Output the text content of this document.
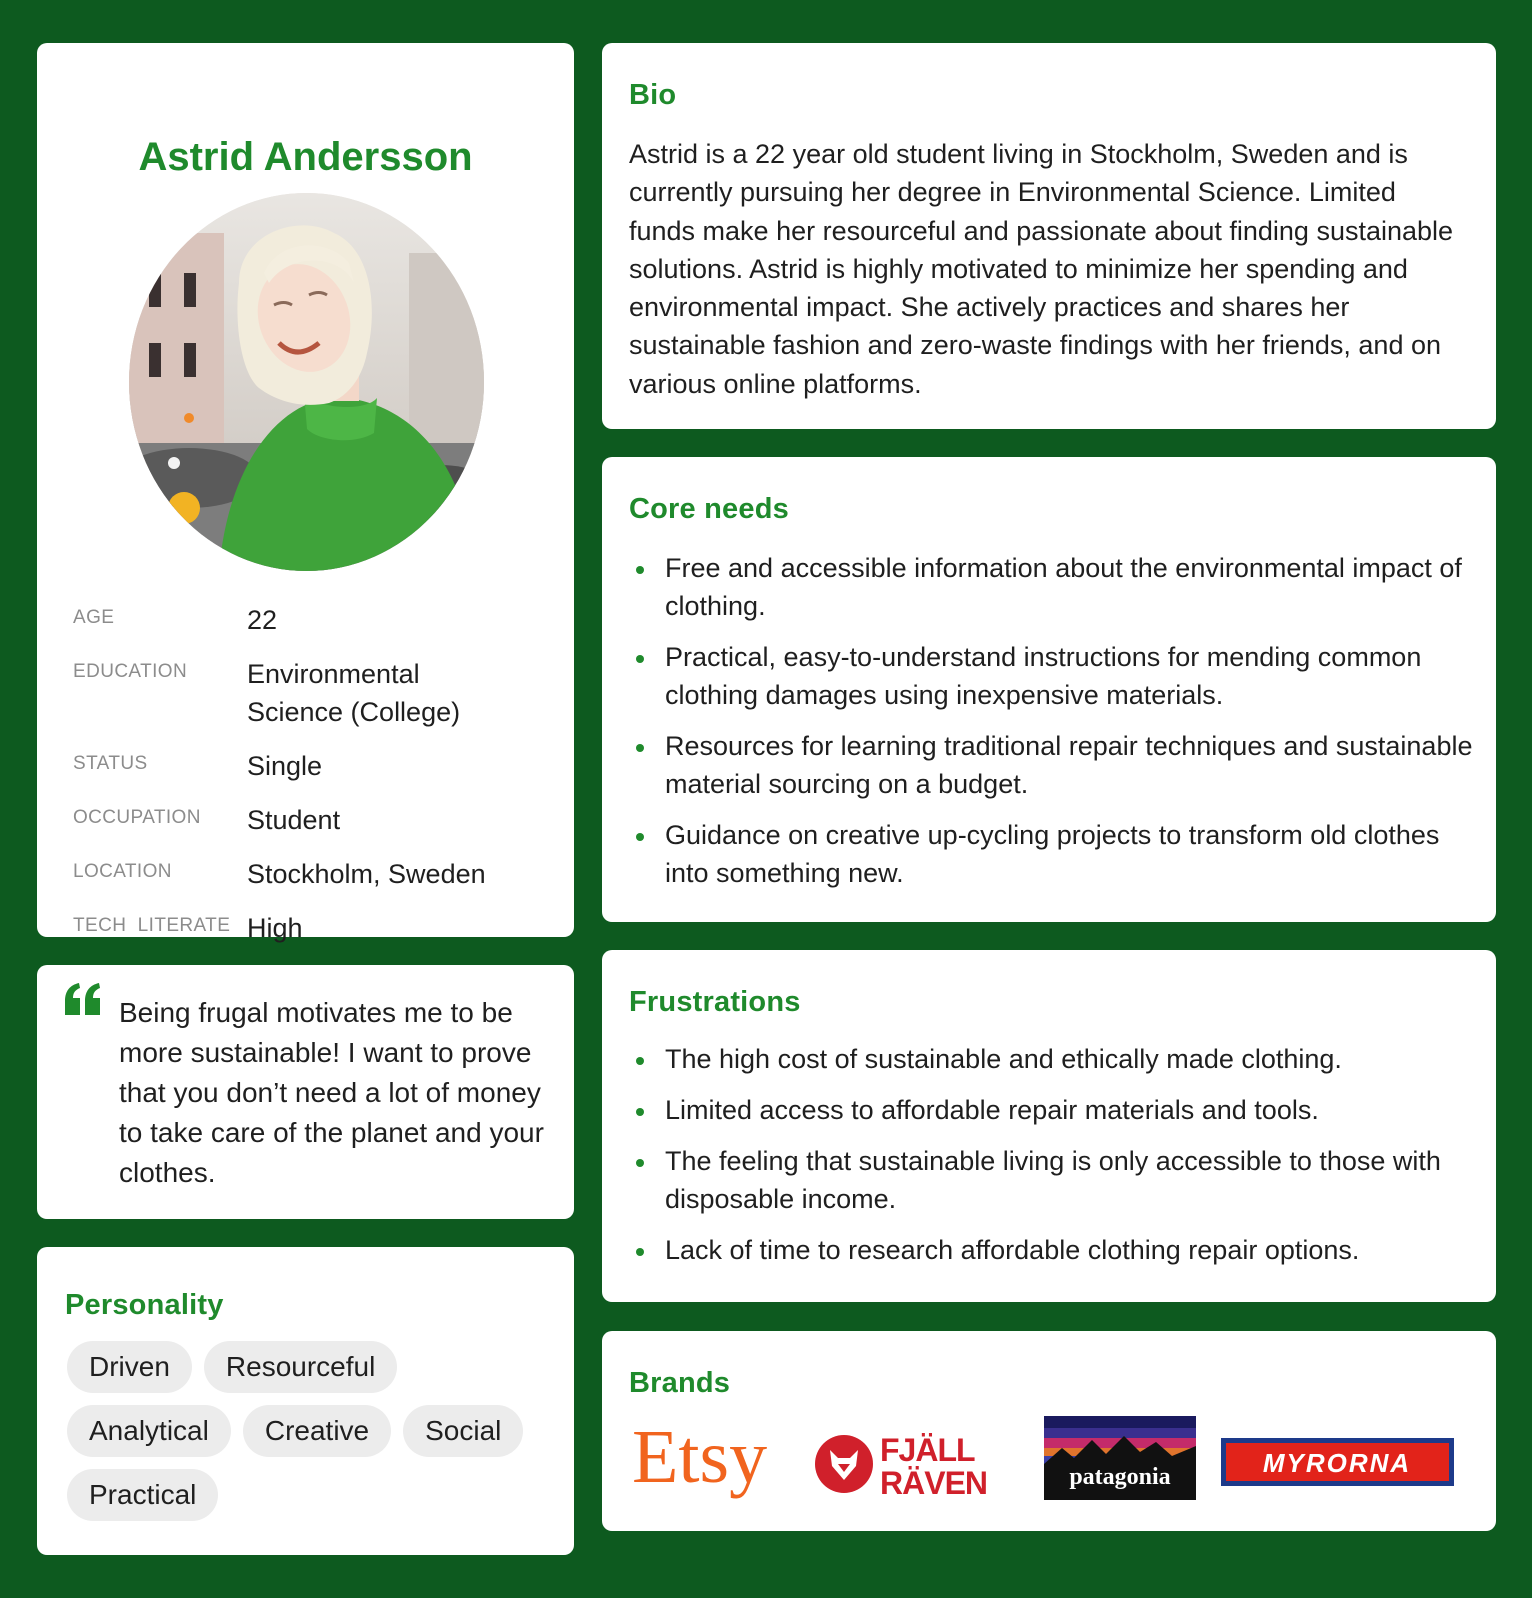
Astrid Andersson
AGE	22
EDUCATION	Environmental Science (College)
STATUS	Single
OCCUPATION	Student
LOCATION	Stockholm, Sweden
TECH  LITERATE High
Being frugal motivates me to be more sustainable! I want to prove that you don’t need a lot of money to take care of the planet and your clothes.
Personality
Driven	Resourceful
Analytical	Creative	Social
Practical
Bio
Astrid is a 22 year old student living in Stockholm, Sweden and is currently pursuing her degree in Environmental Science. Limited funds make her resourceful and passionate about finding sustainable solutions. Astrid is highly motivated to minimize her spending and environmental impact. She actively practices and shares her sustainable fashion and zero-waste findings with her friends, and on various online platforms.
Core needs
Free and accessible information about the environmental impact of clothing.
Practical, easy-to-understand instructions for mending common clothing damages using inexpensive materials.
Resources for learning traditional repair techniques and sustainable material sourcing on a budget.
Guidance on creative up-cycling projects to transform old clothes into something new.
Frustrations
The high cost of sustainable and ethically made clothing.
Limited access to affordable repair materials and tools.
The feeling that sustainable living is only accessible to those with disposable income.
Lack of time to research affordable clothing repair options.
Brands
Etsy	FJÄLL
RÄVEN	patagonia	MYRORNA
